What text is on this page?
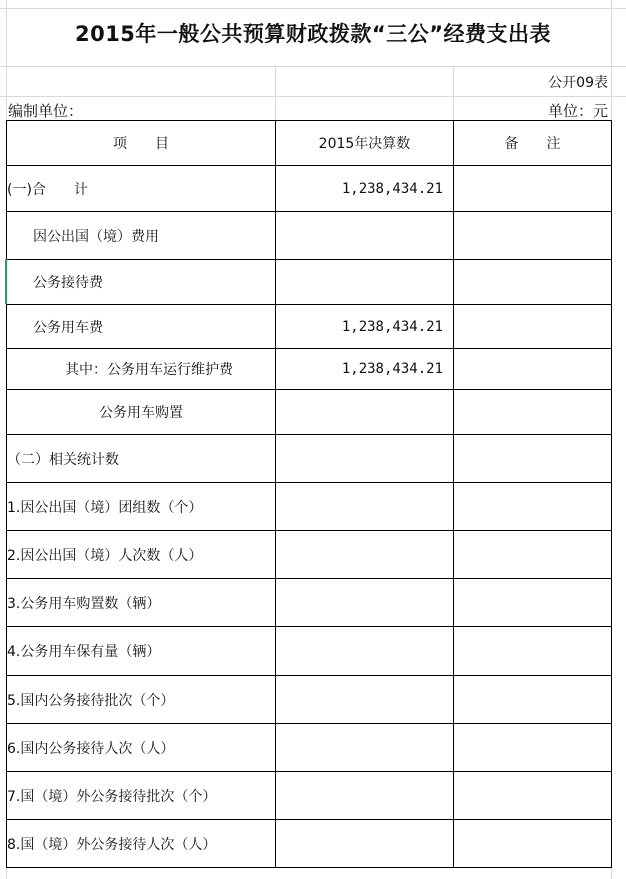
2015年一般公共预算财政拨款“三公”经费支出表
公开09表
编制单位：	单位：元
项　　目	2015年决算数	备　　注
(一)合　　计	1,238,434.21	
因公出国（境）费用		
公务接待费		
公务用车费	1,238,434.21	
其中：公务用车运行维护费	1,238,434.21	
公务用车购置		
（二）相关统计数		
1.因公出国（境）团组数（个）		
2.因公出国（境）人次数（人）		
3.公务用车购置数（辆）		
4.公务用车保有量（辆）		
5.国内公务接待批次（个）		
6.国内公务接待人次（人）		
7.国（境）外公务接待批次（个）		
8.国（境）外公务接待人次（人）		
